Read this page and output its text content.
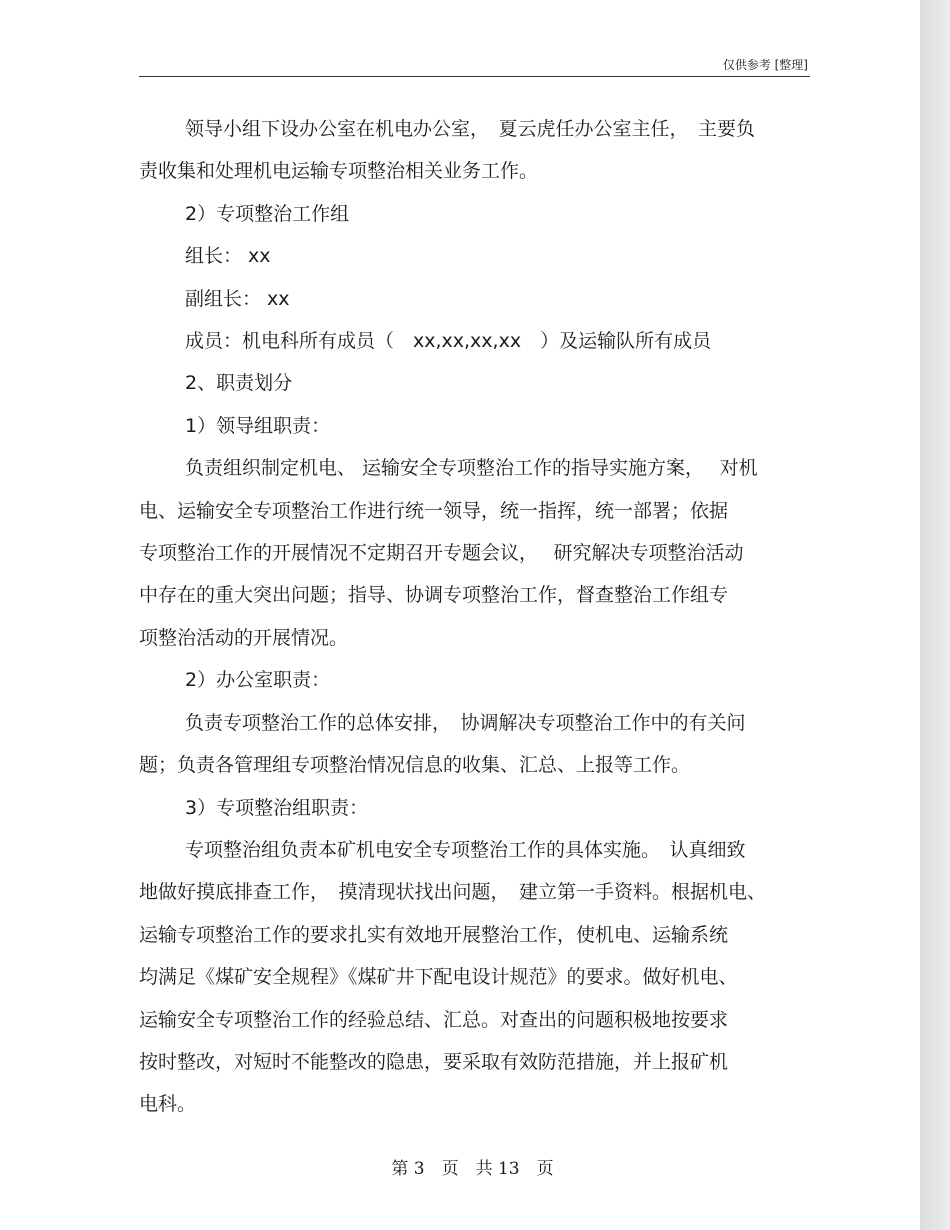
仅供参考 [整理]

领导小组下设办公室在机电办公室，　夏云虎任办公室主任，　主要负

责收集和处理机电运输专项整治相关业务工作。

2）专项整治工作组

组长： xx

副组长： xx

成员：机电科所有成员（　xx,xx,xx,xx　）及运输队所有成员

2、职责划分

1）领导组职责：

负责组织制定机电、 运输安全专项整治工作的指导实施方案，　 对机

电、运输安全专项整治工作进行统一领导，统一指挥，统一部署；依据

专项整治工作的开展情况不定期召开专题会议，　 研究解决专项整治活动

中存在的重大突出问题；指导、协调专项整治工作，督查整治工作组专

项整治活动的开展情况。

2）办公室职责：

负责专项整治工作的总体安排，　协调解决专项整治工作中的有关问

题；负责各管理组专项整治情况信息的收集、汇总、上报等工作。

3）专项整治组职责：

专项整治组负责本矿机电安全专项整治工作的具体实施。　认真细致

地做好摸底排查工作，　摸清现状找出问题，　建立第一手资料。根据机电、

运输专项整治工作的要求扎实有效地开展整治工作，使机电、运输系统

均满足《煤矿安全规程》《煤矿井下配电设计规范》的要求。做好机电、

运输安全专项整治工作的经验总结、汇总。对查出的问题积极地按要求

按时整改，对短时不能整改的隐患，要采取有效防范措施，并上报矿机

电科。

第 3　页　共 13　页
